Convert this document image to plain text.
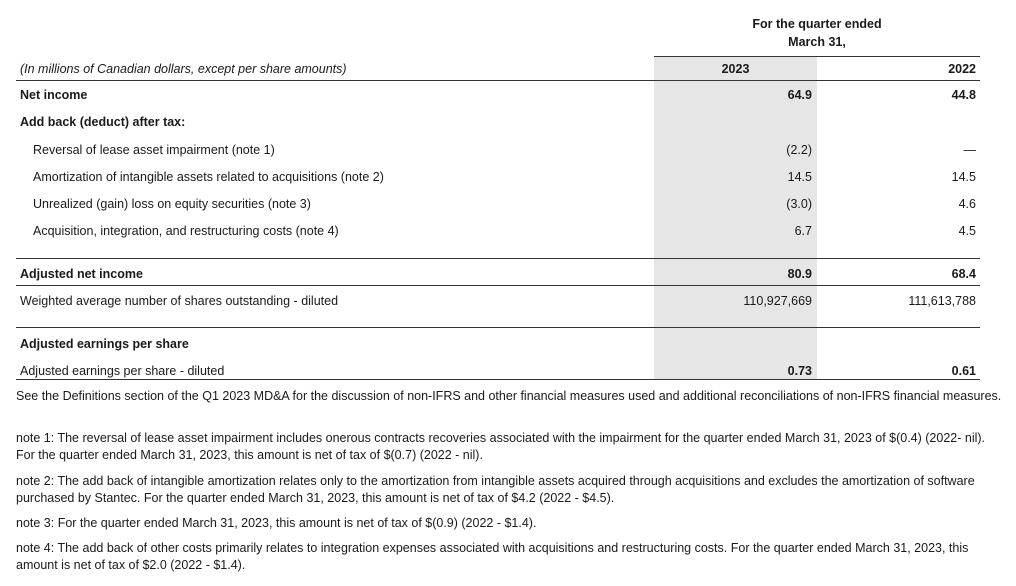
For the quarter ended
March 31,
(In millions of Canadian dollars, except per share amounts)	2023	2022
Net income	64.9	44.8
Add back (deduct) after tax:
Reversal of lease asset impairment (note 1)	(2.2)	—
Amortization of intangible assets related to acquisitions (note 2)	14.5	14.5
Unrealized (gain) loss on equity securities (note 3)	(3.0)	4.6
Acquisition, integration, and restructuring costs (note 4)	6.7	4.5
Adjusted net income	80.9	68.4
Weighted average number of shares outstanding - diluted	110,927,669	111,613,788
Adjusted earnings per share
Adjusted earnings per share - diluted	0.73	0.61
See the Definitions section of the Q1 2023 MD&A for the discussion of non-IFRS and other financial measures used and additional reconciliations of non-IFRS financial measures.
note 1: The reversal of lease asset impairment includes onerous contracts recoveries associated with the impairment for the quarter ended March 31, 2023 of $(0.4) (2022- nil). For the quarter ended March 31, 2023, this amount is net of tax of $(0.7) (2022 - nil).
note 2: The add back of intangible amortization relates only to the amortization from intangible assets acquired through acquisitions and excludes the amortization of software purchased by Stantec. For the quarter ended March 31, 2023, this amount is net of tax of $4.2 (2022 - $4.5).
note 3: For the quarter ended March 31, 2023, this amount is net of tax of $(0.9) (2022 - $1.4).
note 4: The add back of other costs primarily relates to integration expenses associated with acquisitions and restructuring costs. For the quarter ended March 31, 2023, this amount is net of tax of $2.0 (2022 - $1.4).
